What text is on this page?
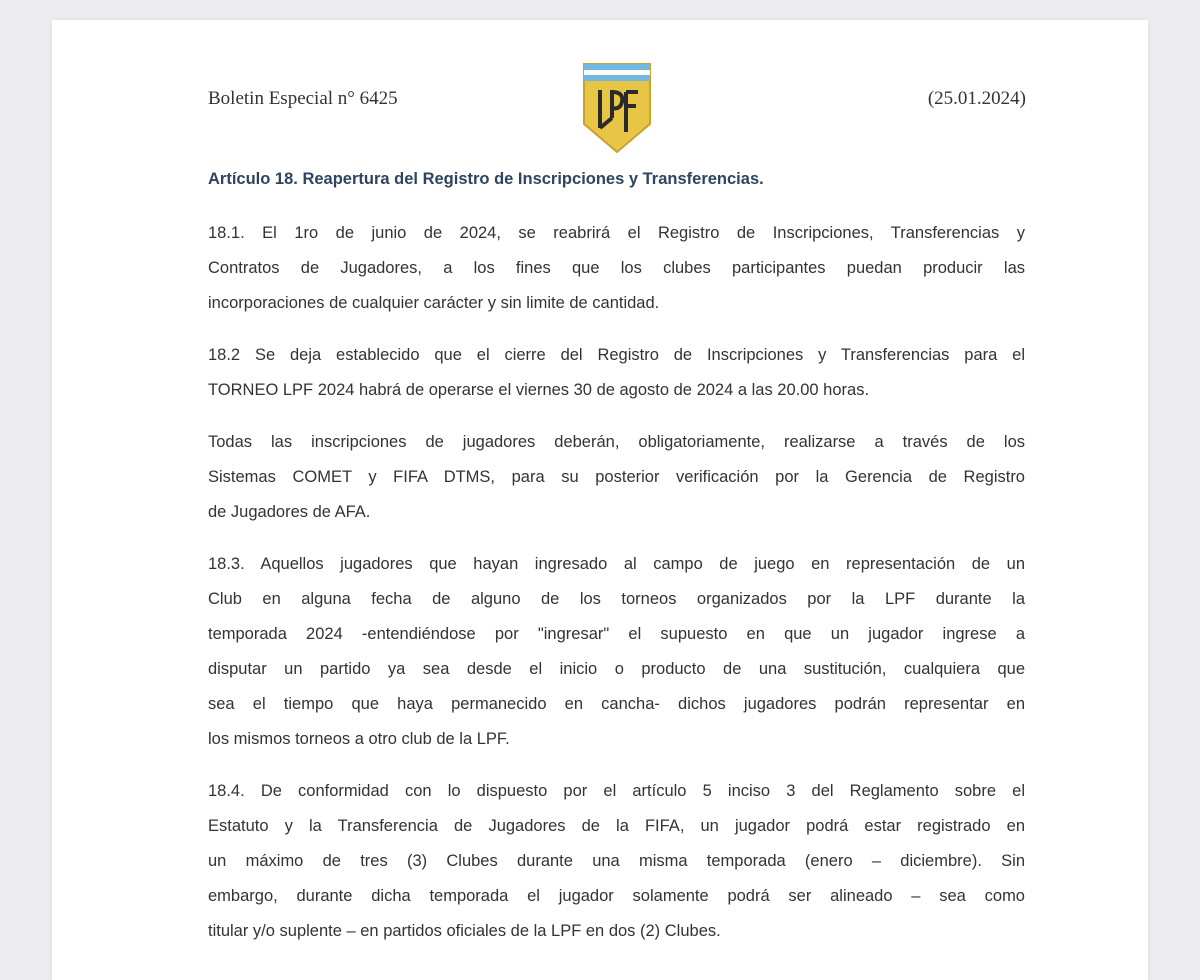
Boletin Especial n° 6425	(25.01.2024)
Artículo 18. Reapertura del Registro de Inscripciones y Transferencias.
18.1. El 1ro de junio de 2024, se reabrirá el Registro de Inscripciones, Transferencias y
Contratos de Jugadores, a los fines que los clubes participantes puedan producir las
incorporaciones de cualquier carácter y sin limite de cantidad.
18.2 Se deja establecido que el cierre del Registro de Inscripciones y Transferencias para el
TORNEO LPF 2024 habrá de operarse el viernes 30 de agosto de 2024 a las 20.00 horas.
Todas las inscripciones de jugadores deberán, obligatoriamente, realizarse a través de los
Sistemas COMET y FIFA DTMS, para su posterior verificación por la Gerencia de Registro
de Jugadores de AFA.
18.3. Aquellos jugadores que hayan ingresado al campo de juego en representación de un
Club en alguna fecha de alguno de los torneos organizados por la LPF durante la
temporada 2024 -entendiéndose por "ingresar" el supuesto en que un jugador ingrese a
disputar un partido ya sea desde el inicio o producto de una sustitución, cualquiera que
sea el tiempo que haya permanecido en cancha- dichos jugadores podrán representar en
los mismos torneos a otro club de la LPF.
18.4. De conformidad con lo dispuesto por el artículo 5 inciso 3 del Reglamento sobre el
Estatuto y la Transferencia de Jugadores de la FIFA, un jugador podrá estar registrado en
un máximo de tres (3) Clubes durante una misma temporada (enero – diciembre). Sin
embargo, durante dicha temporada el jugador solamente podrá ser alineado – sea como
titular y/o suplente – en partidos oficiales de la LPF en dos (2) Clubes.
